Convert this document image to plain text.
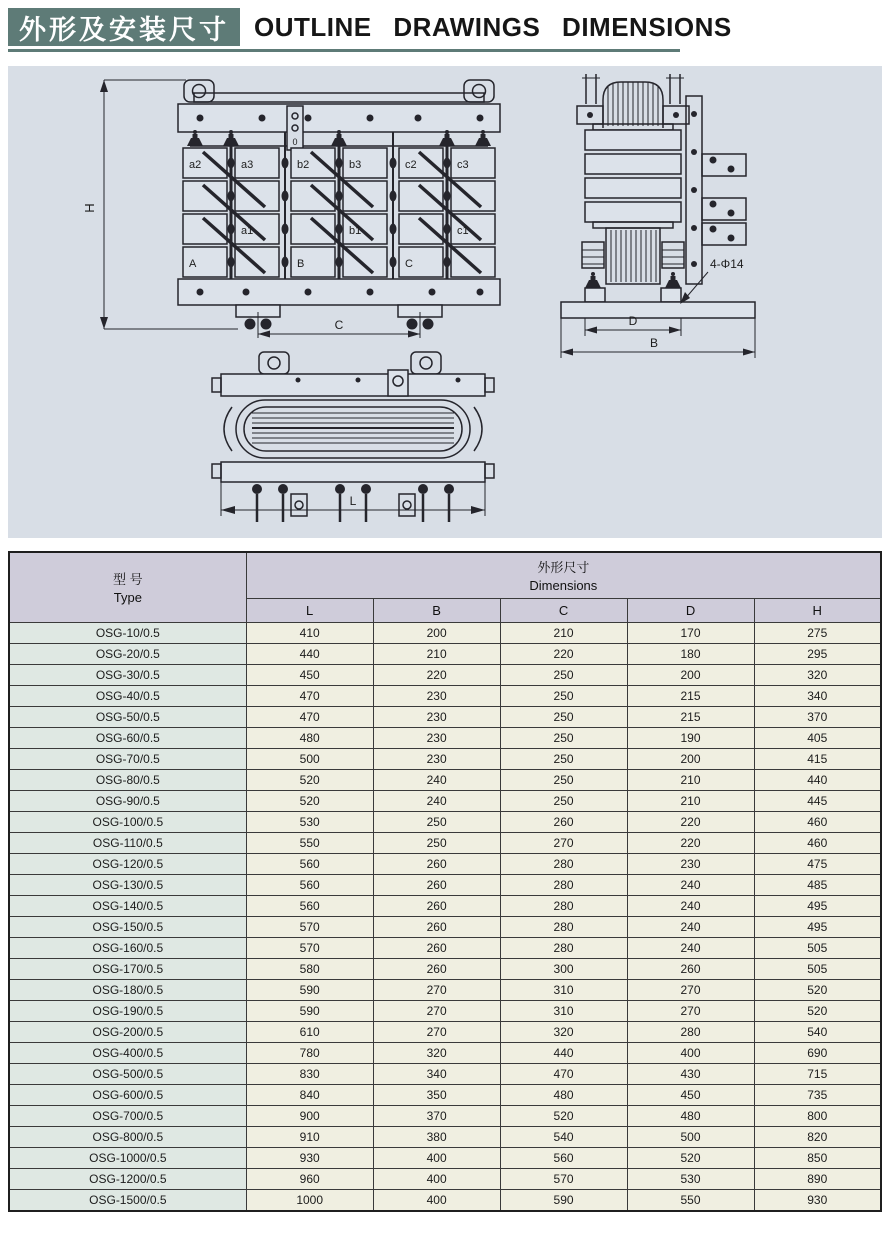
外形及安装尺寸 OUTLINE DRAWINGS DIMENSIONS
H
0
a2	a3	b2	b3	c2	c3
a1	b1	c1
A	B	C
C
4-Φ14
D
B
L
型 号
Type

外形尺寸
Dimensions

	L	B	C	D	H
OSG-10/0.5	410	200	210	170	275
OSG-20/0.5	440	210	220	180	295
OSG-30/0.5	450	220	250	200	320
OSG-40/0.5	470	230	250	215	340
OSG-50/0.5	470	230	250	215	370
OSG-60/0.5	480	230	250	190	405
OSG-70/0.5	500	230	250	200	415
OSG-80/0.5	520	240	250	210	440
OSG-90/0.5	520	240	250	210	445
OSG-100/0.5	530	250	260	220	460
OSG-110/0.5	550	250	270	220	460
OSG-120/0.5	560	260	280	230	475
OSG-130/0.5	560	260	280	240	485
OSG-140/0.5	560	260	280	240	495
OSG-150/0.5	570	260	280	240	495
OSG-160/0.5	570	260	280	240	505
OSG-170/0.5	580	260	300	260	505
OSG-180/0.5	590	270	310	270	520
OSG-190/0.5	590	270	310	270	520
OSG-200/0.5	610	270	320	280	540
OSG-400/0.5	780	320	440	400	690
OSG-500/0.5	830	340	470	430	715
OSG-600/0.5	840	350	480	450	735
OSG-700/0.5	900	370	520	480	800
OSG-800/0.5	910	380	540	500	820
OSG-1000/0.5	930	400	560	520	850
OSG-1200/0.5	960	400	570	530	890
OSG-1500/0.5	1000	400	590	550	930
